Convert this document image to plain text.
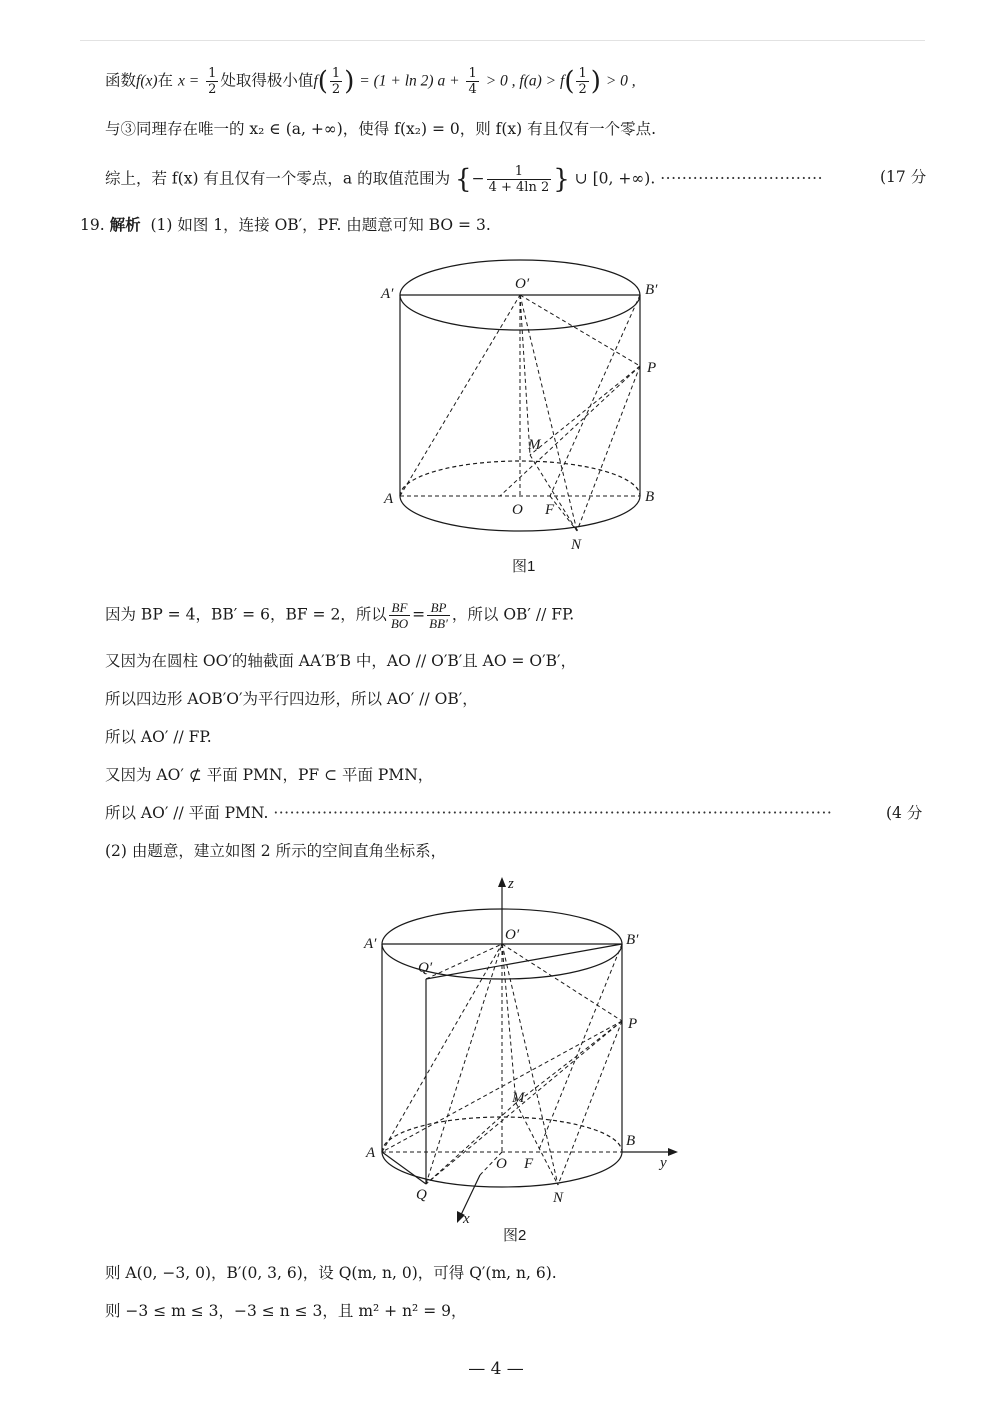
函数f(x)在 $x = \frac{1}{2}$ 处取得极小值$f( \frac{1}{2}$ ) = (1 + ln 2) $a + \frac{1}{4} > 0$ , $f(a) > f( \frac{1}{2}$ ) > 0 ,
与③同理存在唯一的 x₂ ∈ (a, +∞)，使得 f(x₂) = 0，则 f(x) 有且仅有一个零点.
综上，若 f(x) 有且仅有一个零点，a 的取值范围为 {− $\frac{1}{4 + 4\ln 2}$ } ∪ [0, +∞). ······························	(17 分
19. 解析 (1) 如图 1，连接 OB′，PF. 由题意可知 BO = 3.
A′
O′	B′
P
M
A
O F
B
N
图1
因为 BP = 4，BB′ = 6，BF = 2，所以 $\frac{BF}{BO} = \frac{BP}{BB'}$ ，所以 OB′ // FP.
又因为在圆柱 OO′的轴截面 AA′B′B 中，AO // O′B′且 AO = O′B′，
所以四边形 AOB′O′为平行四边形，所以 AO′ // OB′，
所以 AO′ // FP.
又因为 AO′ ⊄ 平面 PMN，PF ⊂ 平面 PMN，
所以 AO′ // 平面 PMN. ·······································································································	(4 分
(2) 由题意，建立如图 2 所示的空间直角坐标系，
z
A′
O′	B′
Q′
P
M
A
O F
B
y
Q	N
x
图2
则 A(0, −3, 0)，B′(0, 3, 6)，设 Q(m, n, 0)，可得 Q′(m, n, 6).
则 −3 ≤ m ≤ 3，−3 ≤ n ≤ 3，且 m² + n² = 9，
— 4 —
